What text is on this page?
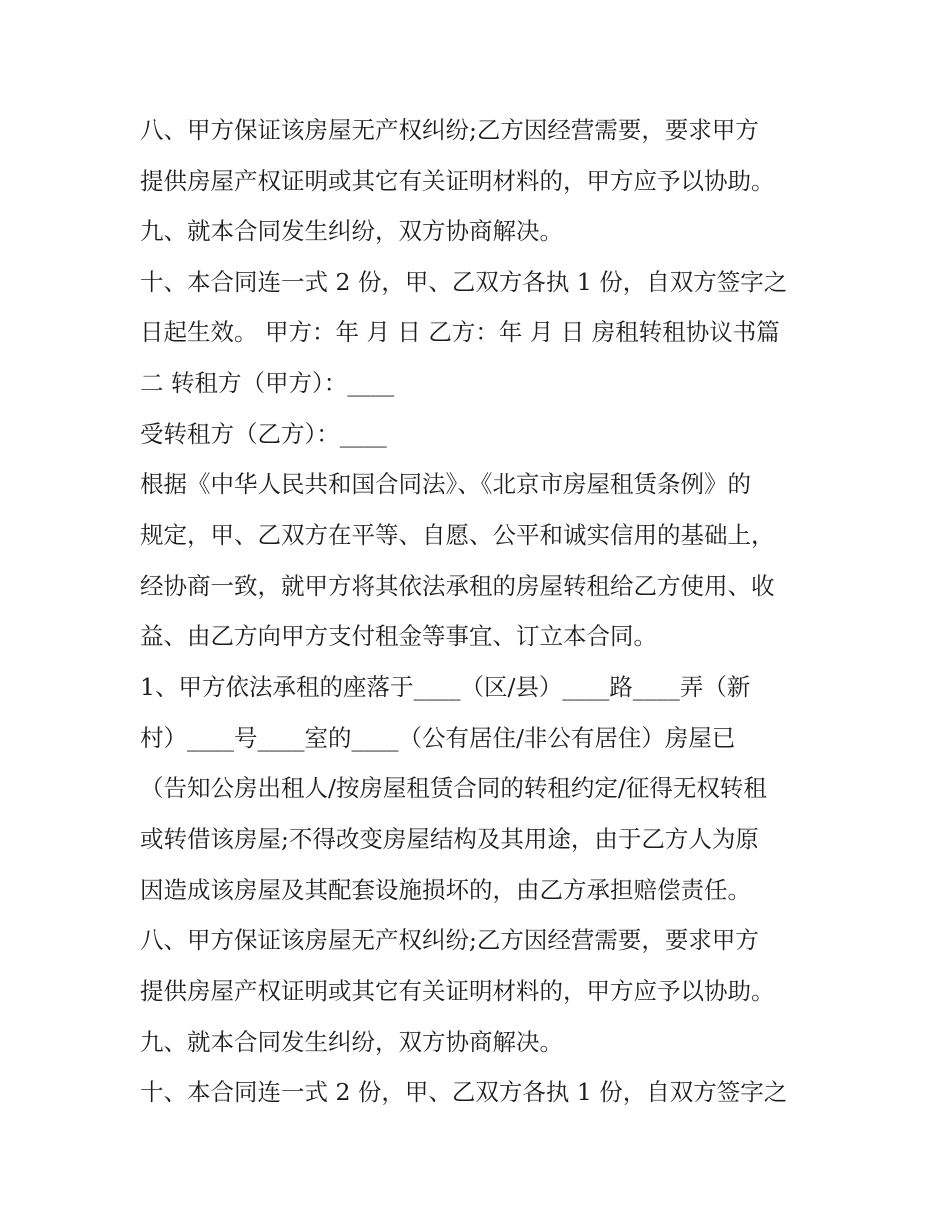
八、甲方保证该房屋无产权纠纷;乙方因经营需要，要求甲方

提供房屋产权证明或其它有关证明材料的，甲方应予以协助。

九、就本合同发生纠纷，双方协商解决。

十、本合同连一式 2 份，甲、乙双方各执 1 份，自双方签字之

日起生效。 甲方：年 月 日 乙方：年 月 日 房租转租协议书篇

二 转租方（甲方）：____

受转租方（乙方）：____

根据《中华人民共和国合同法》、《北京市房屋租赁条例》的

规定，甲、乙双方在平等、自愿、公平和诚实信用的基础上，

经协商一致，就甲方将其依法承租的房屋转租给乙方使用、收

益、由乙方向甲方支付租金等事宜、订立本合同。

1、甲方依法承租的座落于____（区/县）____路____弄（新

村）____号____室的____（公有居住/非公有居住）房屋已

（告知公房出租人/按房屋租赁合同的转租约定/征得无权转租

或转借该房屋;不得改变房屋结构及其用途，由于乙方人为原

因造成该房屋及其配套设施损坏的，由乙方承担赔偿责任。

八、甲方保证该房屋无产权纠纷;乙方因经营需要，要求甲方

提供房屋产权证明或其它有关证明材料的，甲方应予以协助。

九、就本合同发生纠纷，双方协商解决。

十、本合同连一式 2 份，甲、乙双方各执 1 份，自双方签字之
